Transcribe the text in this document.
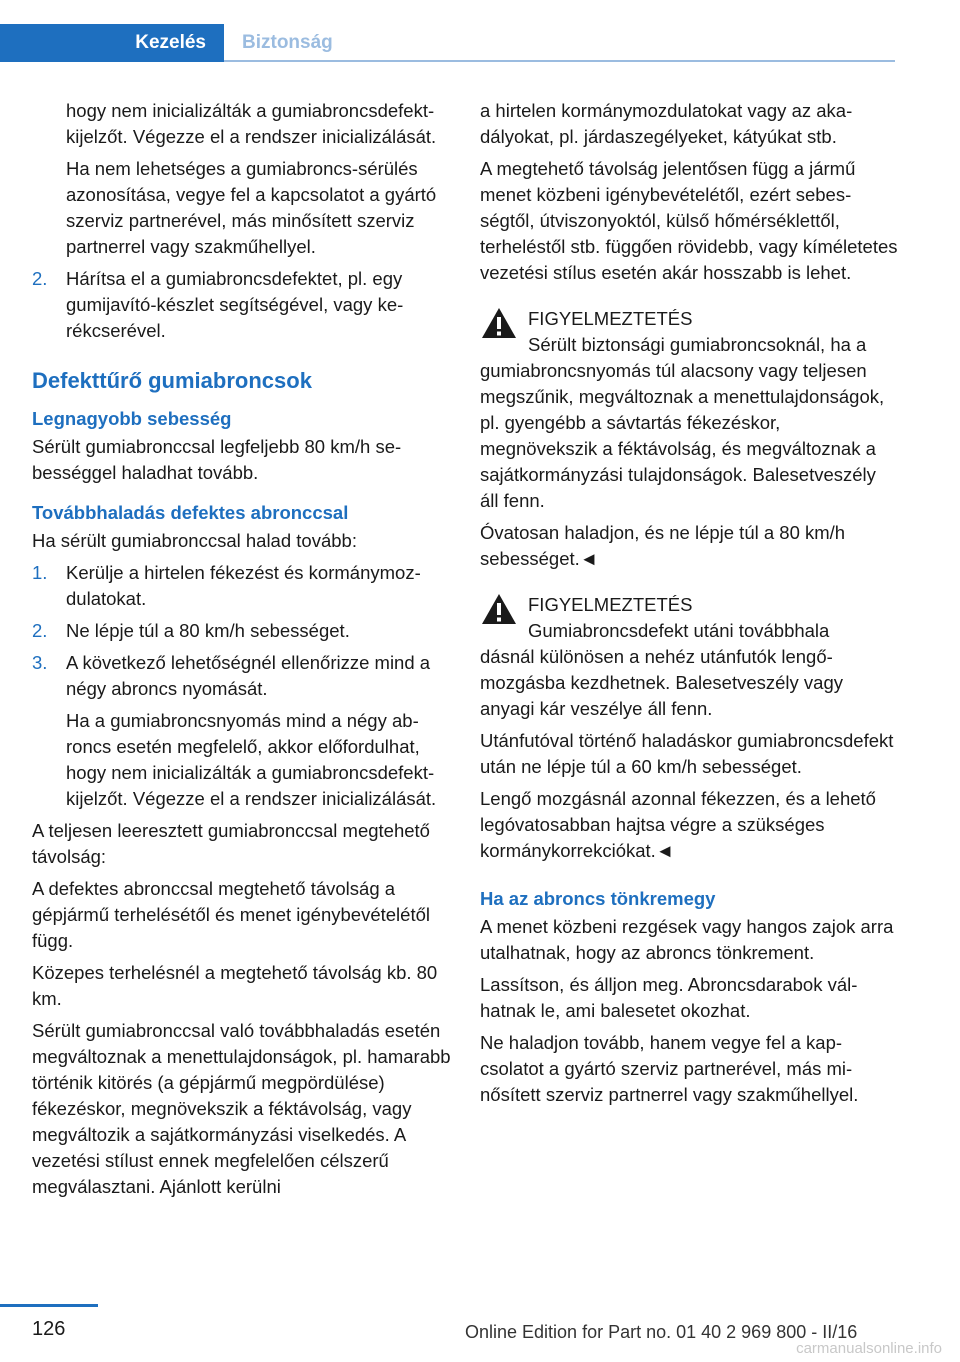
Kezelés	Biztonság

hogy nem inicializálták a gumiabroncsdefekt-kijelzőt. Végezze el a rendszer inicializálását.

Ha nem lehetséges a gumiabroncs-sérülés azonosítása, vegye fel a kapcsolatot a gyártó szerviz partnerével, más minősített szerviz partnerrel vagy szakműhellyel.

2. Hárítsa el a gumiabroncsdefektet, pl. egy gumijavító-készlet segítségével, vagy kerékcserével.
Defekttűrő gumiabroncsok
Legnagyobb sebesség

Sérült gumiabronccsal legfeljebb 80 km/h sebességgel haladhat tovább.

Továbbhaladás defektes abronccsal

Ha sérült gumiabronccsal halad tovább:

1. Kerülje a hirtelen fékezést és kormánymozdulatokat.
2. Ne lépje túl a 80 km/h sebességet.
3. A következő lehetőségnél ellenőrizze mind a négy abroncs nyomását.

Ha a gumiabroncsnyomás mind a négy abroncs esetén megfelelő, akkor előfordulhat, hogy nem inicializálták a gumiabroncsdefekt-kijelzőt. Végezze el a rendszer inicializálását.

A teljesen leeresztett gumiabronccsal megtehető távolság:

A defektes abronccsal megtehető távolság a gépjármű terhelésétől és menet igénybevételétől függ.

Közepes terhelésnél a megtehető távolság kb. 80 km.

Sérült gumiabronccsal való továbbhaladás esetén megváltoznak a menettulajdonságok, pl. hamarabb történik kitörés (a gépjármű megpördülése) fékezéskor, megnövekszik a féktávolság, vagy megváltozik a sajátkormányzási viselkedés. A vezetési stílust ennek megfelelően célszerű megválasztani. Ajánlott kerülni

a hirtelen kormánymozdulatokat vagy az akadályokat, pl. járdaszegélyeket, kátyúkat stb.

A megtehető távolság jelentősen függ a jármű menet közbeni igénybevételétől, ezért sebességtől, útviszonyoktól, külső hőmérséklettől, terheléstől stb. függően rövidebb, vagy kíméletetes vezetési stílus esetén akár hosszabb is lehet.

FIGYELMEZTETÉS
Sérült biztonsági gumiabroncsoknál, ha a
gumiabroncsnyomás túl alacsony vagy teljesen megszűnik, megváltoznak a menettulajdonságok, pl. gyengébb a sávtartás fékezéskor, megnövekszik a féktávolság, és megváltoznak a sajátkormányzási tulajdonságok. Balesetveszély áll fenn.

Óvatosan haladjon, és ne lépje túl a 80 km/h sebességet.◄

FIGYELMEZTETÉS
Gumiabroncsdefekt utáni továbbhala
dásnál különösen a nehéz utánfutók lengőmozgásba kezdhetnek. Balesetveszély vagy anyagi kár veszélye áll fenn.

Utánfutóval történő haladáskor gumiabroncsdefekt után ne lépje túl a 60 km/h sebességet.

Lengő mozgásnál azonnal fékezzen, és a lehető legóvatosabban hajtsa végre a szükséges kormánykorrekciókat.◄

Ha az abroncs tönkremegy

A menet közbeni rezgések vagy hangos zajok arra utalhatnak, hogy az abroncs tönkrement.

Lassítson, és álljon meg. Abroncsdarabok válhatnak le, ami balesetet okozhat.

Ne haladjon tovább, hanem vegye fel a kapcsolatot a gyártó szerviz partnerével, más minősített szerviz partnerrel vagy szakműhellyel.

126	Online Edition for Part no. 01 40 2 969 800 - II/16
carmanualsonline.info
